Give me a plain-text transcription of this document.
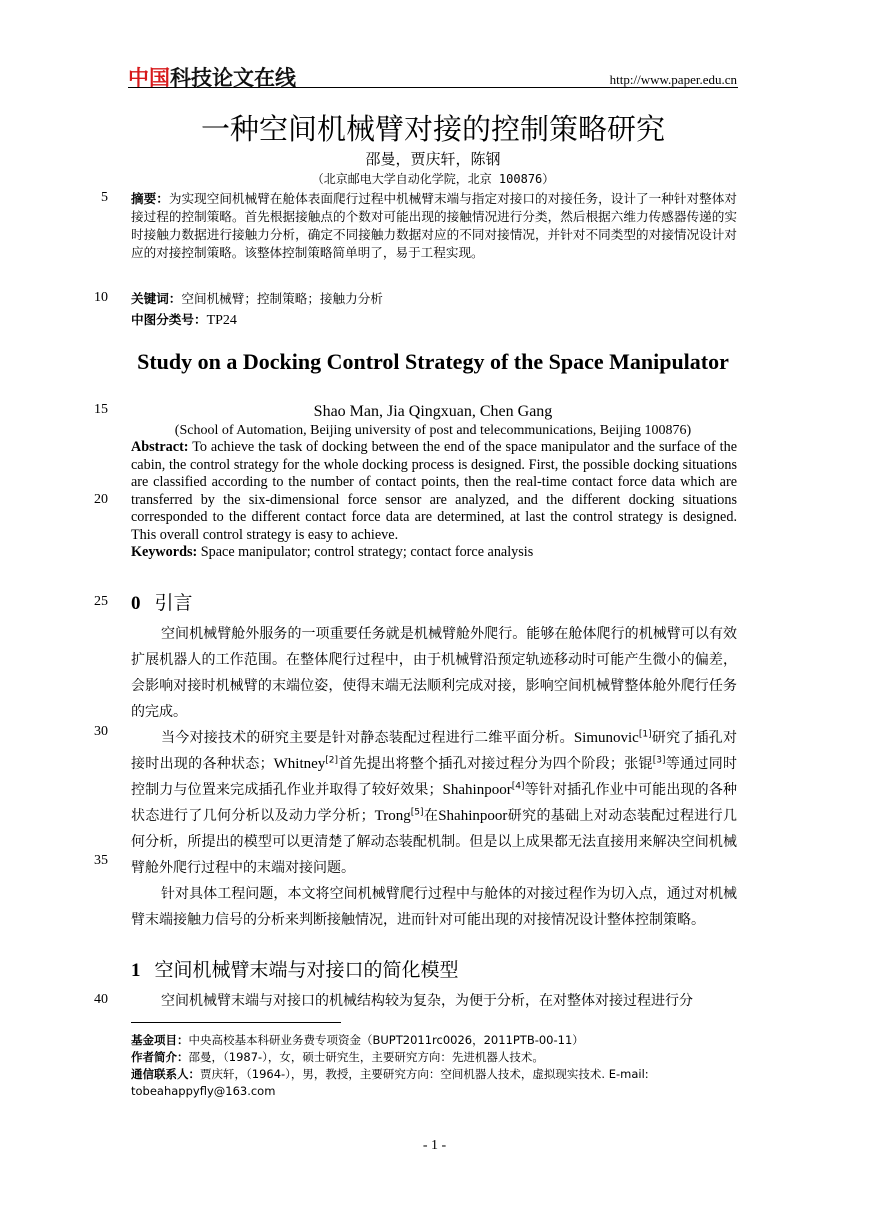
中国科技论文在线	http://www.paper.edu.cn
一种空间机械臂对接的控制策略研究
邵曼，贾庆轩，陈钢
（北京邮电大学自动化学院，北京 100876）
5
10
15
20
25
30
35
40
摘要：为实现空间机械臂在舱体表面爬行过程中机械臂末端与指定对接口的对接任务，设计了一种针对整体对接过程的控制策略。首先根据接触点的个数对可能出现的接触情况进行分类，然后根据六维力传感器传递的实时接触力数据进行接触力分析，确定不同接触力数据对应的不同对接情况，并针对不同类型的对接情况设计对应的对接控制策略。该整体控制策略简单明了，易于工程实现。
关键词：空间机械臂；控制策略；接触力分析
中图分类号：TP24
Study on a Docking Control Strategy of the Space Manipulator
Shao Man, Jia Qingxuan, Chen Gang
(School of Automation, Beijing university of post and telecommunications, Beijing 100876)
Abstract: To achieve the task of docking between the end of the space manipulator and the surface of the cabin, the control strategy for the whole docking process is designed. First, the possible docking situations are classified according to the number of contact points, then the real-time contact force data which are transferred by the six-dimensional force sensor are analyzed, and the different docking situations corresponded to the different contact force data are determined, at last the control strategy is designed. This overall control strategy is easy to achieve.
Keywords: Space manipulator; control strategy; contact force analysis
0 引言
空间机械臂舱外服务的一项重要任务就是机械臂舱外爬行。能够在舱体爬行的机械臂可以有效扩展机器人的工作范围。在整体爬行过程中，由于机械臂沿预定轨迹移动时可能产生微小的偏差，会影响对接时机械臂的末端位姿，使得末端无法顺利完成对接，影响空间机械臂整体舱外爬行任务的完成。
当今对接技术的研究主要是针对静态装配过程进行二维平面分析。Simunovic[1]研究了插孔对接时出现的各种状态；Whitney[2]首先提出将整个插孔对接过程分为四个阶段；张锟[3]等通过同时控制力与位置来完成插孔作业并取得了较好效果；Shahinpoor[4]等针对插孔作业中可能出现的各种状态进行了几何分析以及动力学分析；Trong[5]在Shahinpoor研究的基础上对动态装配过程进行几何分析，所提出的模型可以更清楚了解动态装配机制。但是以上成果都无法直接用来解决空间机械臂舱外爬行过程中的末端对接问题。
针对具体工程问题，本文将空间机械臂爬行过程中与舱体的对接过程作为切入点，通过对机械臂末端接触力信号的分析来判断接触情况，进而针对可能出现的对接情况设计整体控制策略。
1 空间机械臂末端与对接口的简化模型
空间机械臂末端与对接口的机械结构较为复杂，为便于分析，在对整体对接过程进行分
基金项目：中央高校基本科研业务费专项资金（BUPT2011rc0026，2011PTB-00-11）
作者简介：邵曼，（1987-），女，硕士研究生，主要研究方向：先进机器人技术。
通信联系人：贾庆轩，（1964-），男，教授，主要研究方向：空间机器人技术，虚拟现实技术. E-mail: tobeahappyfly@163.com
- 1 -
